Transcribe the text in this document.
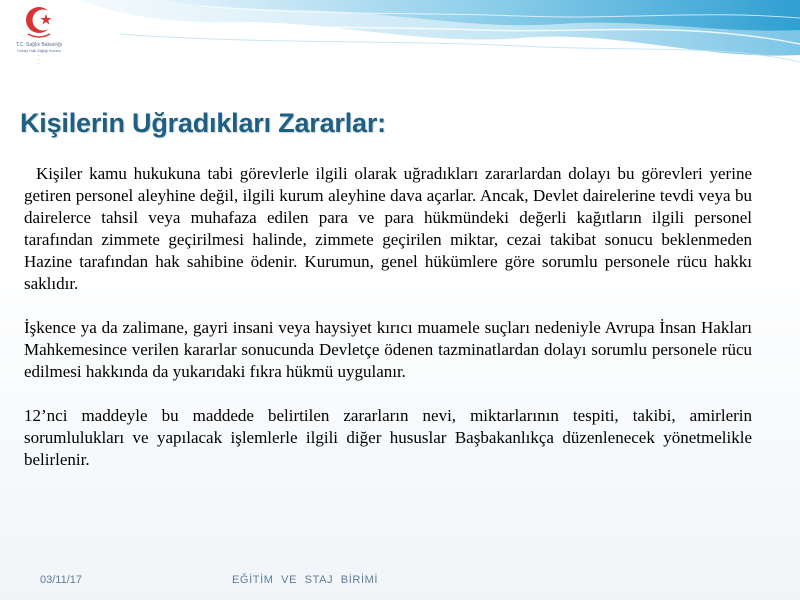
T.C. Sağlık Bakanlığı
Türkiye Halk Sağlığı Kurumu
...
...
...
Kişilerin Uğradıkları Zararlar:

Kişiler kamu hukukuna tabi görevlerle ilgili olarak uğradıkları zararlardan dolayı bu görevleri yerine getiren personel aleyhine değil, ilgili kurum aleyhine dava açarlar. Ancak, Devlet dairelerine tevdi veya bu dairelerce tahsil veya muhafaza edilen para ve para hükmündeki değerli kağıtların ilgili personel tarafından zimmete geçirilmesi halinde, zimmete geçirilen miktar, cezai takibat sonucu beklenmeden Hazine tarafından hak sahibine ödenir. Kurumun, genel hükümlere göre sorumlu personele rücu hakkı saklıdır.

İşkence ya da zalimane, gayri insani veya haysiyet kırıcı muamele suçları nedeniyle Avrupa İnsan Hakları Mahkemesince verilen kararlar sonucunda Devletçe ödenen tazminatlardan dolayı sorumlu personele rücu edilmesi hakkında da yukarıdaki fıkra hükmü uygulanır.

12’nci maddeyle bu maddede belirtilen zararların nevi, miktarlarının tespiti, takibi, amirlerin sorumlulukları ve yapılacak işlemlerle ilgili diğer hususlar Başbakanlıkça düzenlenecek yönetmelikle belirlenir.

03/11/17	EĞİTİM VE STAJ BİRİMİ
